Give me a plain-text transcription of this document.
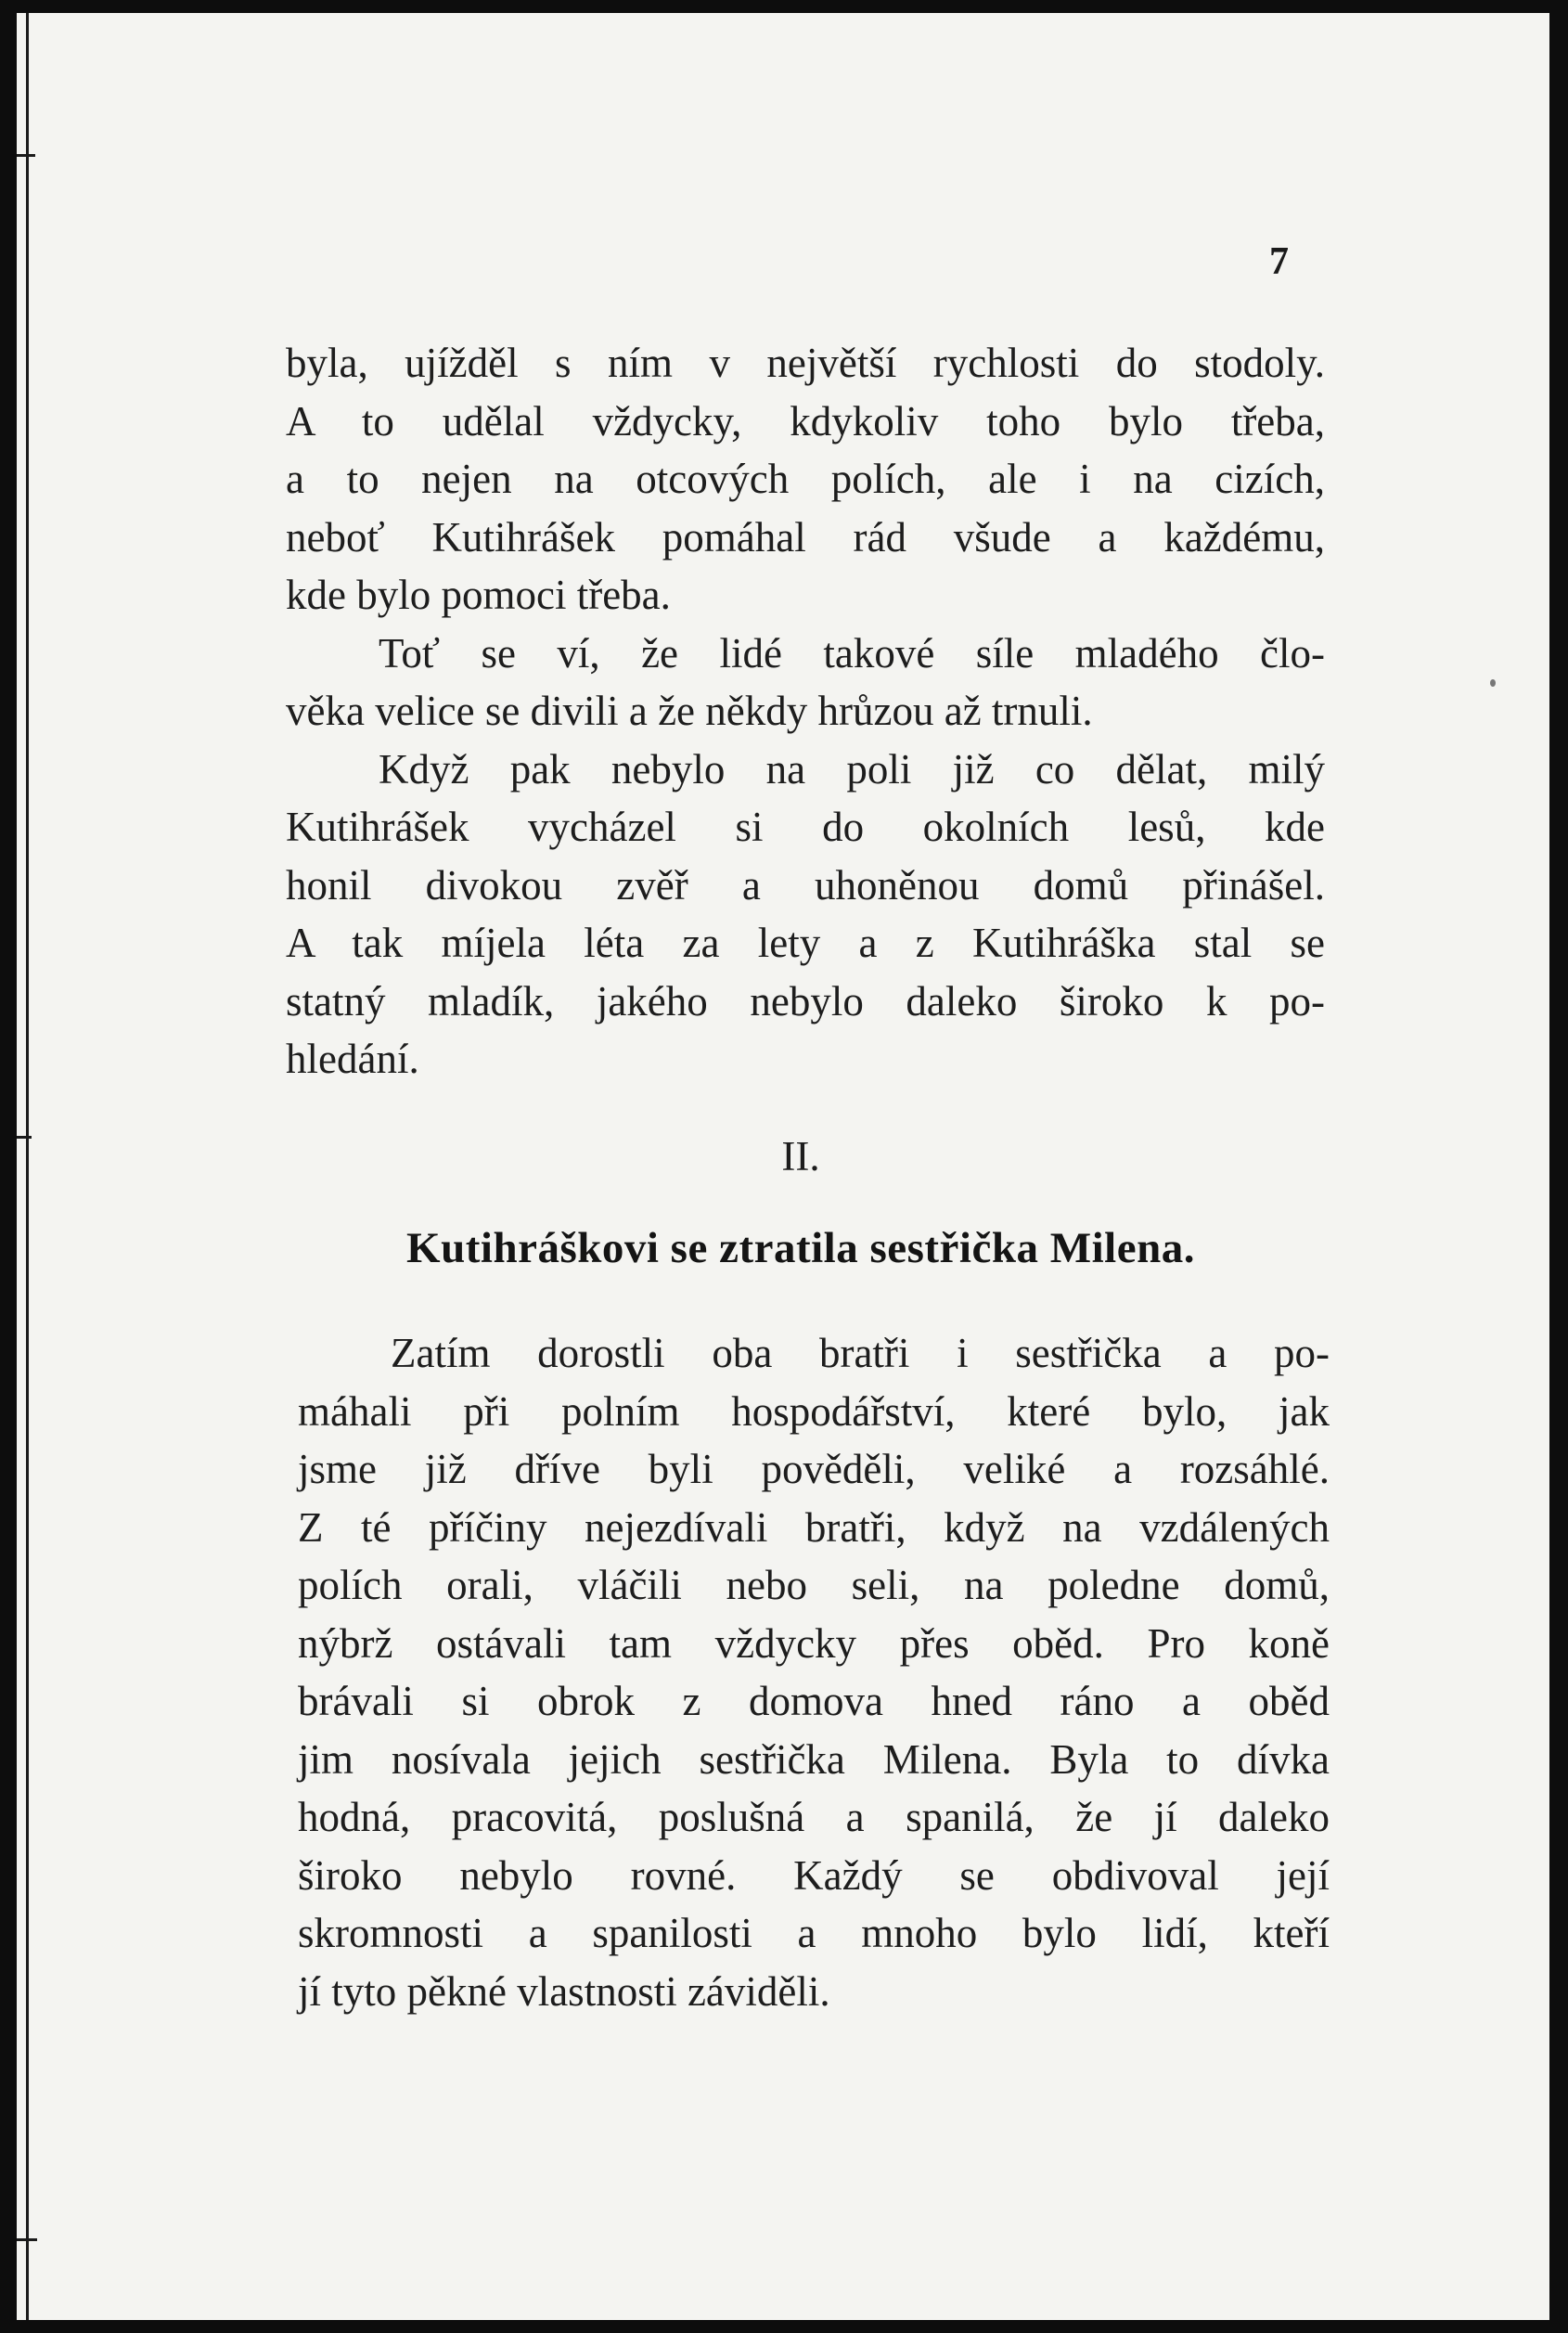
7
byla, ujížděl s ním v největší rychlosti do stodoly.
A to udělal vždycky, kdykoliv toho bylo třeba,
a to nejen na otcových polích, ale i na cizích,
neboť Kutihrášek pomáhal rád všude a každému,
kde bylo pomoci třeba.
Toť se ví, že lidé takové síle mladého člo-
věka velice se divili a že někdy hrůzou až trnuli.
Když pak nebylo na poli již co dělat, milý
Kutihrášek vycházel si do okolních lesů, kde
honil divokou zvěř a uhoněnou domů přinášel.
A tak míjela léta za lety a z Kutihráška stal se
statný mladík, jakého nebylo daleko široko k po-
hledání.
II.
Kutihráškovi se ztratila sestřička Milena.
Zatím dorostli oba bratři i sestřička a po-
máhali při polním hospodářství, které bylo, jak
jsme již dříve byli pověděli, veliké a rozsáhlé.
Z té příčiny nejezdívali bratři, když na vzdálených
polích orali, vláčili nebo seli, na poledne domů,
nýbrž ostávali tam vždycky přes oběd. Pro koně
brávali si obrok z domova hned ráno a oběd
jim nosívala jejich sestřička Milena. Byla to dívka
hodná, pracovitá, poslušná a spanilá, že jí daleko
široko nebylo rovné. Každý se obdivoval její
skromnosti a spanilosti a mnoho bylo lidí, kteří
jí tyto pěkné vlastnosti záviděli.
